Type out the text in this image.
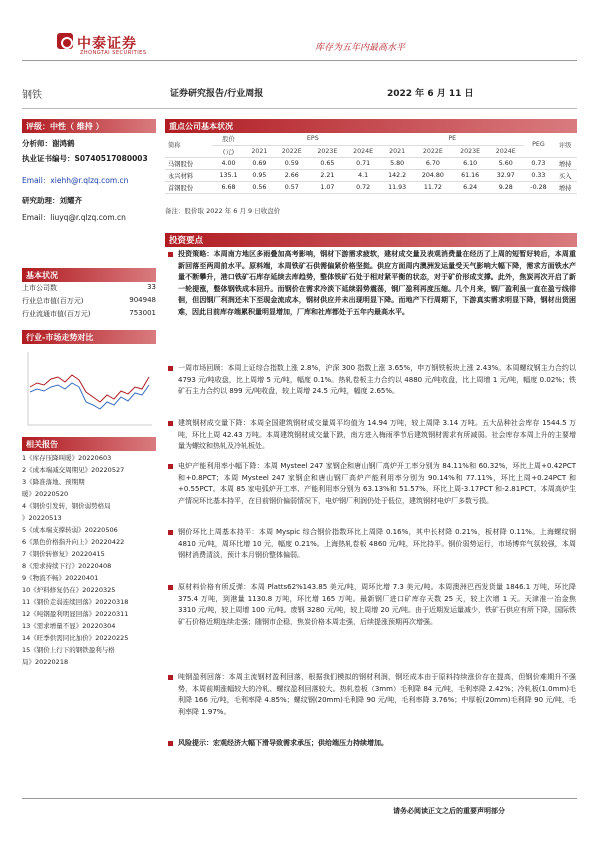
中泰证券
ZHONGTAI SECURITIES	库存为五年内最高水平
钢铁	证券研究报告/行业周报	2022 年 6 月 11 日
评级：中性（ 维持 ）
分析师：谢鸿鹤
执业证书编号：S0740517080003
Email：xiehh@r.qlzq.com.cn
研究助理：刘耀齐
Email：liuyq@r.qlzq.com.cn
基本状况
上市公司数	33
行业总市值(百万元)	904948
行业流通市值(百万元)	753001
行业-市场走势对比
相关报告
1《库存压降叫暖》20220603
2《成本端减交周期见》20220527
3《降准落地、预期期
暖》20220520
4《钢价引发转，钢价弱势格局
》20220513
5《成本端支撑转弱》20220506
6《黑色价格指升向上》20220422
7《钢价转修复》20220415
8《需求持续下行》20220408
9《物流不畅》20220401
10《炉料修复仍在》20220325
11《钢价走弱连续回落》20220318
12《吨钢盈利明显回落》20220311
13《需求增量不显》20220304
14《旺季供需同比加价》20220225
15《钢价上行下的钢铁盈利与格
局》20220218
重点公司基本状况
简称	股价	EPS				PE				PEG	评级
	(元)	2021	2022E	2023E	2024E	2021	2022E	2023E	2024E		
马钢股份	4.00	0.69	0.59	0.65	0.71	5.80	6.70	6.10	5.60	0.73	增持
永兴材料	135.1	0.95	2.66	2.21	4.1	142.2	204.80	61.16	32.97	0.33	买入
首钢股份	6.68	0.56	0.57	1.07	0.72	11.93	11.72	6.24	9.28	-0.28	增持
备注：股价取 2022 年 6 月 9 日收盘价
投资要点
投资策略：本周南方地区多雨叠加高考影响，钢材下游需求疲软，建材成交量及表观消费量在经历了上周的短暂好转后，本周重新回落至两周前水平。原料端，本周铁矿石供需偏紧价格坚挺。供应方面周内澳洲发运量受天气影响大幅下降，需求方面铁水产量不断攀升，港口铁矿石库存延续去库趋势，整体铁矿石处于相对紧平衡的状态，对于矿价形成支撑。此外，焦炭再次开启了新一轮提涨，整体钢铁成本回升。而钢价在需求冷淡下延续弱势震荡，钢厂盈利再度压缩。几个月来，钢厂盈利虽一直在盈亏线徘徊，但因钢厂利润还未下至现金流成本，钢材供应并未出现明显下降。而地产下行周期下，下游真实需求明显下降，钢材出货困难，因此目前库存端累积量明显增加，厂库和社库都处于五年内最高水平。
一周市场回顾：本周上证综合指数上涨 2.8%，沪深 300 指数上涨 3.65%，申万钢铁板块上涨 2.43%。本周螺纹钢主力合约以 4793 元/吨收盘，比上周增 5 元/吨，幅度 0.1%。热轧卷板主力合约以 4880 元/吨收盘，比上周增 1 元/吨，幅度 0.02%；铁矿石主力合约以 899 元/吨收盘，较上周增 24.5 元/吨，幅度 2.65%。
建筑钢材成交量下降：本周全国建筑钢材成交量周平均值为 14.94 万吨，较上周降 3.14 万吨。五大品种社会库存 1544.5 万吨，环比上周 42.43 万吨。本周建筑钢材成交量下跌，南方进入梅雨季节后建筑钢材需求有所减弱。社会库存本周上升的主要增量为螺纹和热轧及冷轧板处。
电炉产能利用率小幅下降：本周 Mysteel 247 家钢企和唐山钢厂高炉开工率分别为 84.11%和 60.32%，环比上周+0.42PCT 和+0.8PCT；本周 Mysteel 247 家钢企和唐山钢厂高炉产能利用率分别为 90.14%和 77.11%，环比上周+0.24PCT 和+0.55PCT。本周 85 家电弧炉开工率、产能利用率分别为 63.13%和 51.57%，环比上周-3.17PCT 和-2.81PCT。本周高炉生产情况环比基本持平，在目前钢价偏弱情况下，电炉钢厂利润仍处于低位，建筑钢材电炉厂多数亏损。
钢价环比上周基本持平：本周 Myspic 综合钢价指数环比上周降 0.16%，其中长材降 0.21%，板材降 0.11%。上海螺纹钢 4810 元/吨，周环比增 10 元，幅度 0.21%。上海热轧卷板 4860 元/吨，环比持平。钢价弱势运行，市场博弈气氛较强，本周钢材消费清淡，预计本月钢价整体偏弱。
原材料价格有所反弹：本周 Platts62%143.85 美元/吨，周环比增 7.3 美元/吨。本周澳洲巴西发货量 1846.1 万吨，环比降 375.4 万吨，到港量 1130.8 万吨，环比增 165 万吨。最新钢厂进口矿库存天数 25 天，较上次增 1 天。天津准一冶金焦 3310 元/吨，较上周增 100 元/吨。废钢 3280 元/吨，较上周增 20 元/吨。由于近期发运量减少，铁矿石供应有所下降，国际铁矿石价格近期连续走强；随钢市企稳，焦炭价格本周走强，后续提涨预期再次增强。
吨钢盈利回落：本周主流钢材盈利回落，根据我们模拟的钢材利润，钢坯成本由于原料持续涨价存在提高，但钢价难期升不强势，本周前期涨幅较大的冷轧、螺纹盈利回落较大。热轧卷板（3mm）毛利降 84 元/吨，毛利率降 2.42%；冷轧板(1.0mm)毛利降 166 元/吨，毛利率降 4.85%；螺纹钢(20mm)毛利降 90 元/吨，毛利率降 3.76%；中厚板(20mm)毛利降 90 元/吨，毛利率降 1.97%。
风险提示：宏观经济大幅下滑导致需求承压；供给端压力持续增加。
请务必阅读正文之后的重要声明部分
